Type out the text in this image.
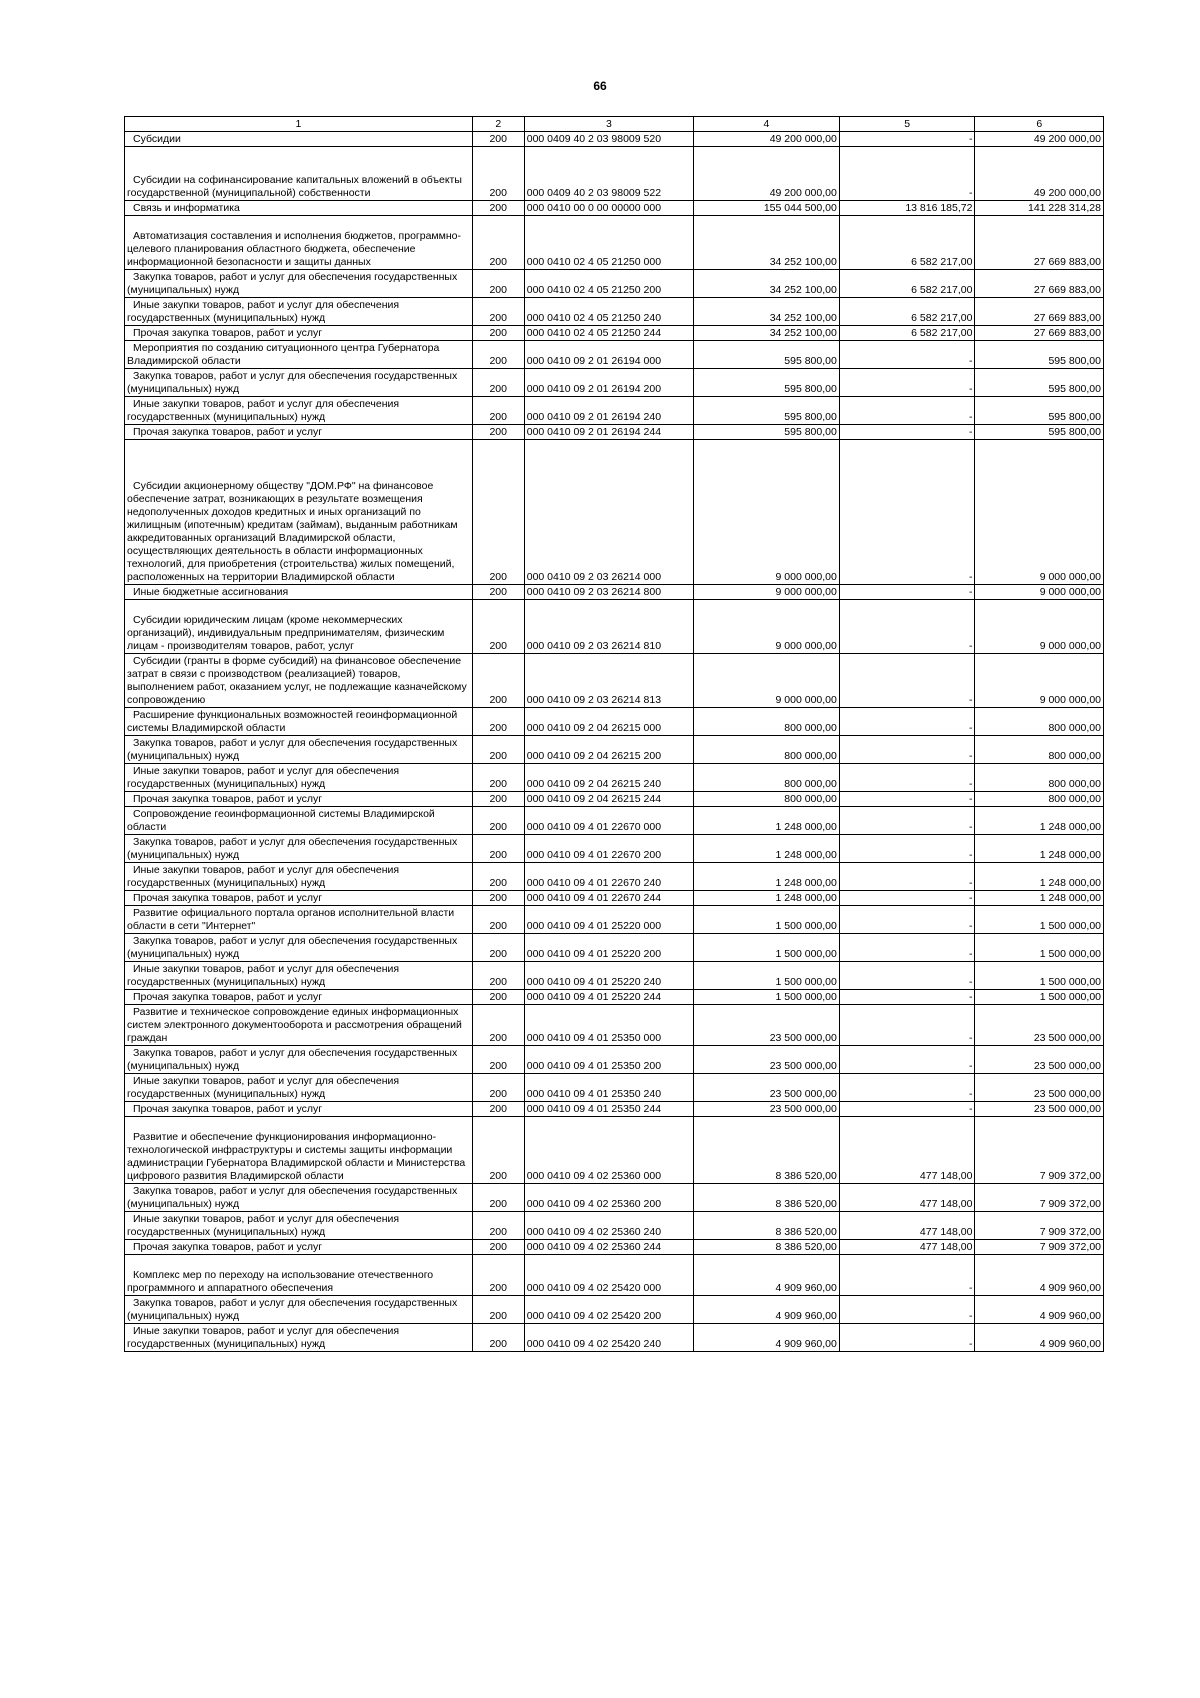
66
1	2	3	4	5	6
Субсидии	200	000 0409 40 2 03 98009 520	49 200 000,00	-	49 200 000,00
Субсидии на софинансирование капитальных вложений в объекты государственной (муниципальной) собственности	200	000 0409 40 2 03 98009 522	49 200 000,00	-	49 200 000,00
Связь и информатика	200	000 0410 00 0 00 00000 000	155 044 500,00	13 816 185,72	141 228 314,28
Автоматизация составления и исполнения бюджетов, программно-целевого планирования областного бюджета, обеспечение информационной безопасности и защиты данных	200	000 0410 02 4 05 21250 000	34 252 100,00	6 582 217,00	27 669 883,00
Закупка товаров, работ и услуг для обеспечения государственных (муниципальных) нужд	200	000 0410 02 4 05 21250 200	34 252 100,00	6 582 217,00	27 669 883,00
Иные закупки товаров, работ и услуг для обеспечения государственных (муниципальных) нужд	200	000 0410 02 4 05 21250 240	34 252 100,00	6 582 217,00	27 669 883,00
Прочая закупка товаров, работ и услуг	200	000 0410 02 4 05 21250 244	34 252 100,00	6 582 217,00	27 669 883,00
Мероприятия по созданию ситуационного центра Губернатора Владимирской области	200	000 0410 09 2 01 26194 000	595 800,00	-	595 800,00
Закупка товаров, работ и услуг для обеспечения государственных (муниципальных) нужд	200	000 0410 09 2 01 26194 200	595 800,00	-	595 800,00
Иные закупки товаров, работ и услуг для обеспечения государственных (муниципальных) нужд	200	000 0410 09 2 01 26194 240	595 800,00	-	595 800,00
Прочая закупка товаров, работ и услуг	200	000 0410 09 2 01 26194 244	595 800,00	-	595 800,00
Субсидии акционерному обществу "ДОМ.РФ" на финансовое обеспечение затрат, возникающих в результате возмещения недополученных доходов кредитных и иных организаций по жилищным (ипотечным) кредитам (займам), выданным работникам аккредитованных организаций Владимирской области, осуществляющих деятельность в области информационных технологий, для приобретения (строительства) жилых помещений, расположенных на территории Владимирской области	200	000 0410 09 2 03 26214 000	9 000 000,00	-	9 000 000,00
Иные бюджетные ассигнования	200	000 0410 09 2 03 26214 800	9 000 000,00	-	9 000 000,00
Субсидии юридическим лицам (кроме некоммерческих организаций), индивидуальным предпринимателям, физическим лицам - производителям товаров, работ, услуг	200	000 0410 09 2 03 26214 810	9 000 000,00	-	9 000 000,00
Субсидии (гранты в форме субсидий) на финансовое обеспечение затрат в связи с производством (реализацией) товаров, выполнением работ, оказанием услуг, не подлежащие казначейскому сопровождению	200	000 0410 09 2 03 26214 813	9 000 000,00	-	9 000 000,00
Расширение функциональных возможностей геоинформационной системы Владимирской области	200	000 0410 09 2 04 26215 000	800 000,00	-	800 000,00
Закупка товаров, работ и услуг для обеспечения государственных (муниципальных) нужд	200	000 0410 09 2 04 26215 200	800 000,00	-	800 000,00
Иные закупки товаров, работ и услуг для обеспечения государственных (муниципальных) нужд	200	000 0410 09 2 04 26215 240	800 000,00	-	800 000,00
Прочая закупка товаров, работ и услуг	200	000 0410 09 2 04 26215 244	800 000,00	-	800 000,00
Сопровождение геоинформационной системы Владимирской области	200	000 0410 09 4 01 22670 000	1 248 000,00	-	1 248 000,00
Закупка товаров, работ и услуг для обеспечения государственных (муниципальных) нужд	200	000 0410 09 4 01 22670 200	1 248 000,00	-	1 248 000,00
Иные закупки товаров, работ и услуг для обеспечения государственных (муниципальных) нужд	200	000 0410 09 4 01 22670 240	1 248 000,00	-	1 248 000,00
Прочая закупка товаров, работ и услуг	200	000 0410 09 4 01 22670 244	1 248 000,00	-	1 248 000,00
Развитие официального портала органов исполнительной власти области в сети "Интернет"	200	000 0410 09 4 01 25220 000	1 500 000,00	-	1 500 000,00
Закупка товаров, работ и услуг для обеспечения государственных (муниципальных) нужд	200	000 0410 09 4 01 25220 200	1 500 000,00	-	1 500 000,00
Иные закупки товаров, работ и услуг для обеспечения государственных (муниципальных) нужд	200	000 0410 09 4 01 25220 240	1 500 000,00	-	1 500 000,00
Прочая закупка товаров, работ и услуг	200	000 0410 09 4 01 25220 244	1 500 000,00	-	1 500 000,00
Развитие и техническое сопровождение единых информационных систем электронного документооборота и рассмотрения обращений граждан	200	000 0410 09 4 01 25350 000	23 500 000,00	-	23 500 000,00
Закупка товаров, работ и услуг для обеспечения государственных (муниципальных) нужд	200	000 0410 09 4 01 25350 200	23 500 000,00	-	23 500 000,00
Иные закупки товаров, работ и услуг для обеспечения государственных (муниципальных) нужд	200	000 0410 09 4 01 25350 240	23 500 000,00	-	23 500 000,00
Прочая закупка товаров, работ и услуг	200	000 0410 09 4 01 25350 244	23 500 000,00	-	23 500 000,00
Развитие и обеспечение функционирования информационно-технологической инфраструктуры и системы защиты информации администрации Губернатора Владимирской области и Министерства цифрового развития Владимирской области	200	000 0410 09 4 02 25360 000	8 386 520,00	477 148,00	7 909 372,00
Закупка товаров, работ и услуг для обеспечения государственных (муниципальных) нужд	200	000 0410 09 4 02 25360 200	8 386 520,00	477 148,00	7 909 372,00
Иные закупки товаров, работ и услуг для обеспечения государственных (муниципальных) нужд	200	000 0410 09 4 02 25360 240	8 386 520,00	477 148,00	7 909 372,00
Прочая закупка товаров, работ и услуг	200	000 0410 09 4 02 25360 244	8 386 520,00	477 148,00	7 909 372,00
Комплекс мер по переходу на использование отечественного программного и аппаратного обеспечения	200	000 0410 09 4 02 25420 000	4 909 960,00	-	4 909 960,00
Закупка товаров, работ и услуг для обеспечения государственных (муниципальных) нужд	200	000 0410 09 4 02 25420 200	4 909 960,00	-	4 909 960,00
Иные закупки товаров, работ и услуг для обеспечения государственных (муниципальных) нужд	200	000 0410 09 4 02 25420 240	4 909 960,00	-	4 909 960,00
